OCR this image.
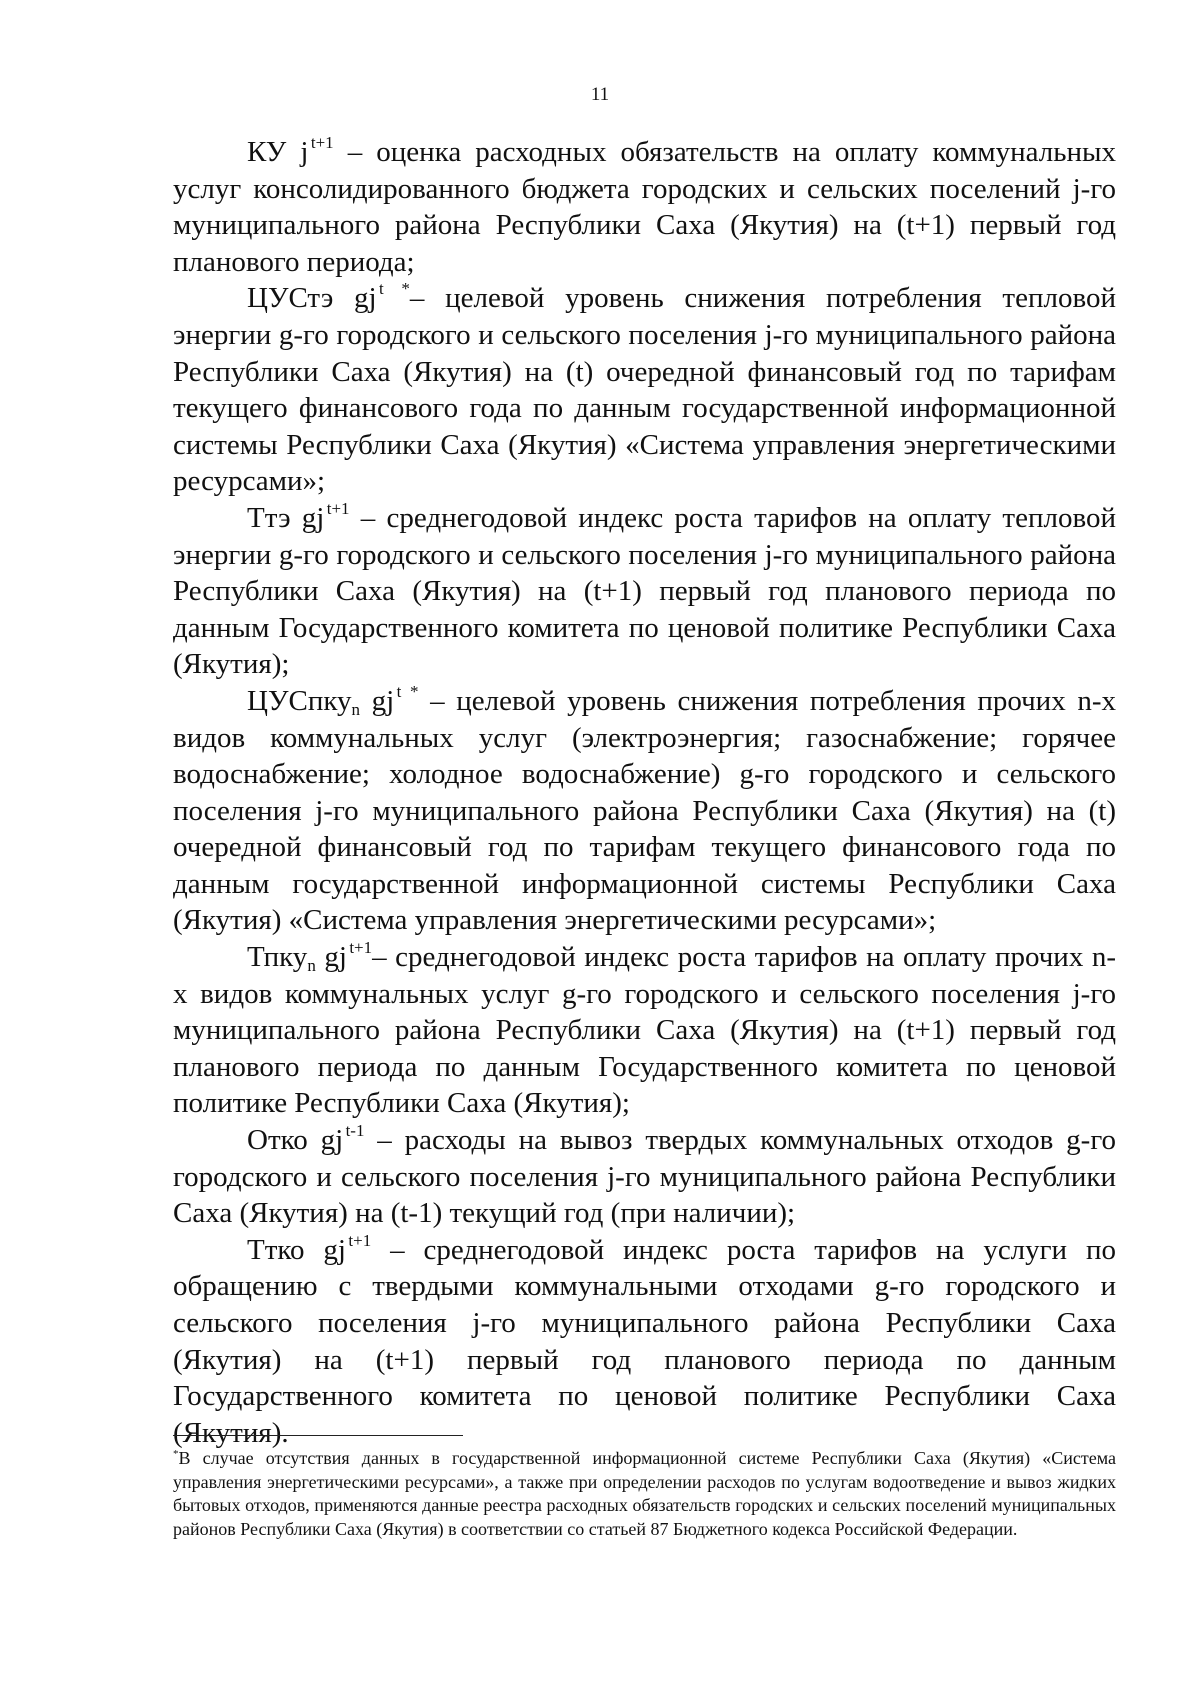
11

КУ j  $^{t+1}$ – оценка расходных обязательств на оплату коммунальных услуг консолидированного бюджета городских и сельских поселений j-го муниципального района Республики Саха (Якутия) на (t+1) первый год планового периода;

ЦУСтэ gj  $^{t *}$– целевой уровень снижения потребления тепловой энергии g-го городского и сельского поселения j-го муниципального района Республики Саха (Якутия) на (t) очередной финансовый год по тарифам текущего финансового года по данным государственной информационной системы Республики Саха (Якутия) «Система управления энергетическими ресурсами»;

Ттэ gj  $^{t+1}$ – среднегодовой индекс роста тарифов на оплату тепловой энергии g-го городского и сельского поселения j-го муниципального района Республики Саха (Якутия) на (t+1) первый год планового периода по данным Государственного комитета по ценовой политике Республики Саха (Якутия);

ЦУСпку$_n$ gj  $^{t *}$ – целевой уровень снижения потребления прочих n-х видов коммунальных услуг (электроэнергия; газоснабжение; горячее водоснабжение; холодное водоснабжение) g-го городского и сельского поселения j-го муниципального района Республики Саха (Якутия) на (t) очередной финансовый год по тарифам текущего финансового года по данным государственной информационной системы Республики Саха (Якутия) «Система управления энергетическими ресурсами»;

Тпку$_n$ gj  $^{t+1}$– среднегодовой индекс роста тарифов на оплату прочих n-х видов коммунальных услуг g-го городского и сельского поселения j-го муниципального района Республики Саха (Якутия) на (t+1) первый год планового периода по данным Государственного комитета по ценовой политике Республики Саха (Якутия);

Отко gj  $^{t-1}$ – расходы на вывоз твердых коммунальных отходов g-го городского и сельского поселения j-го муниципального района Республики Саха (Якутия) на (t-1) текущий год (при наличии);

Ттко gj  $^{t+1}$ – среднегодовой индекс роста тарифов на услуги по обращению с твердыми коммунальными отходами g-го городского и сельского поселения j-го муниципального района Республики Саха (Якутия) на (t+1) первый год планового периода по данным Государственного комитета по ценовой политике Республики Саха (Якутия).

*В случае отсутствия данных в государственной информационной системе Республики Саха (Якутия) «Система управления энергетическими ресурсами», а также при определении расходов по услугам водоотведение и вывоз жидких бытовых отходов, применяются данные реестра расходных обязательств городских и сельских поселений муниципальных районов Республики Саха (Якутия) в соответствии со статьей 87 Бюджетного кодекса Российской Федерации.
